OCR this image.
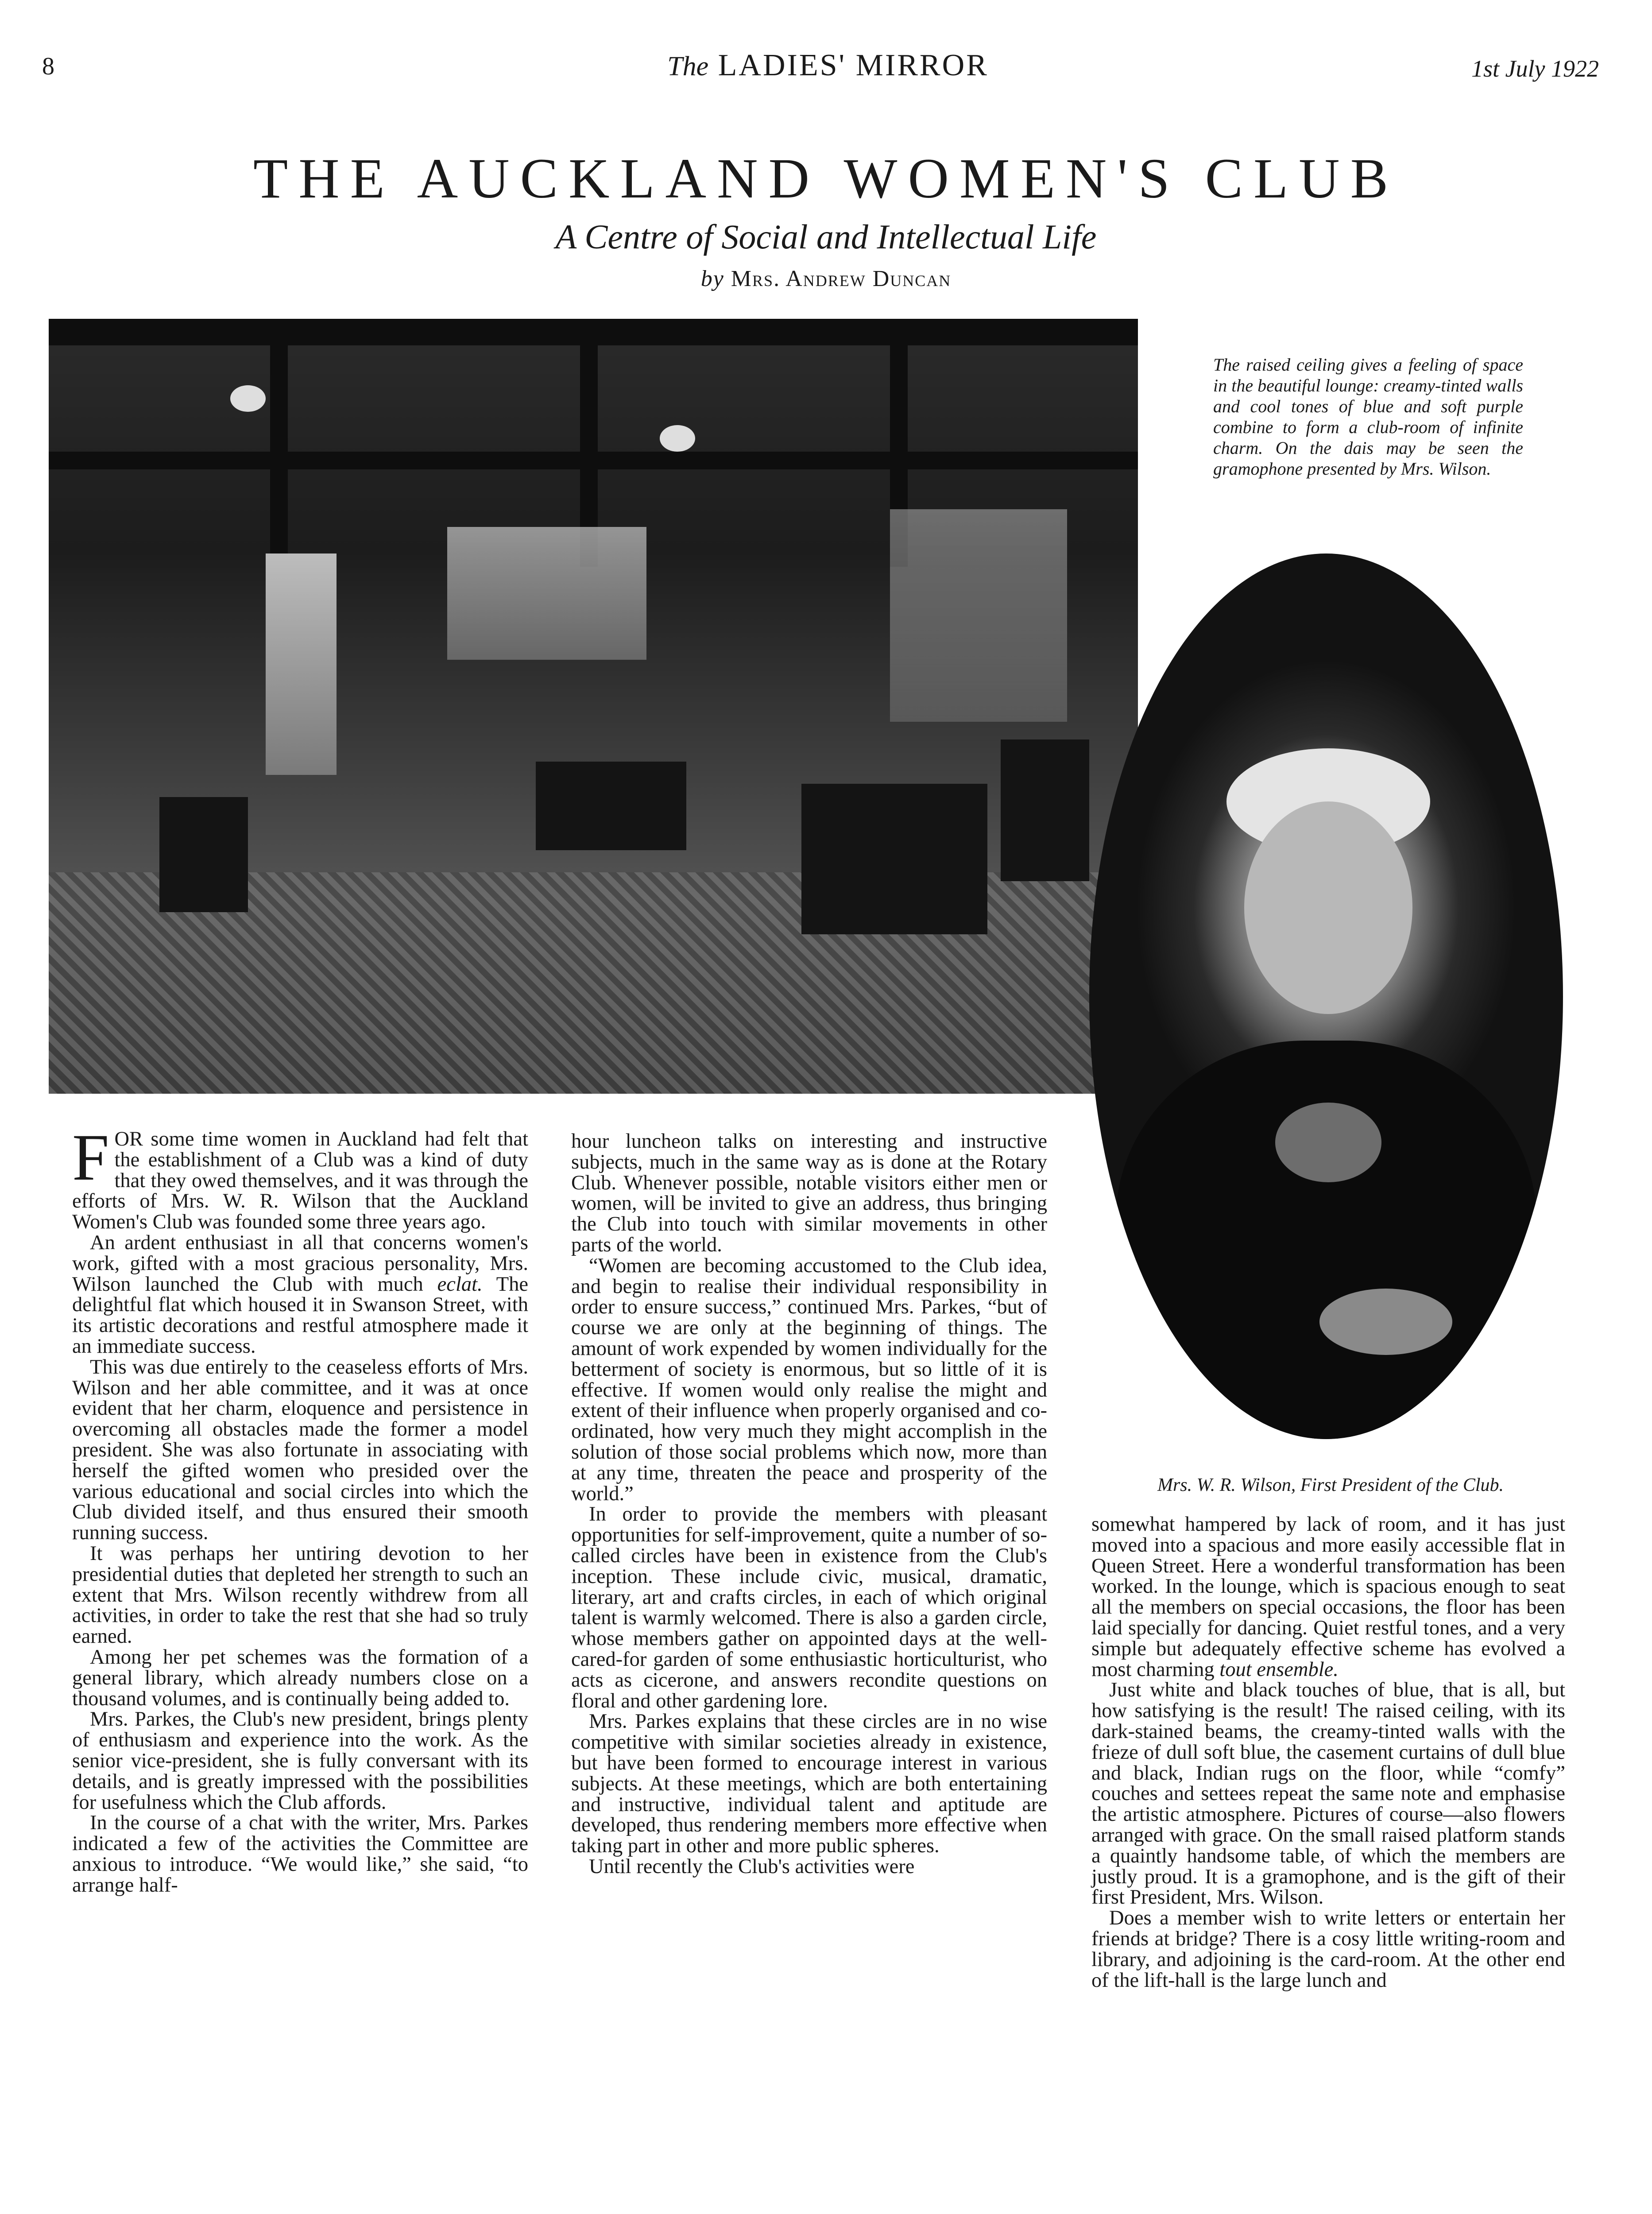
8	The LADIES' MIRROR	1st July 1922
THE AUCKLAND WOMEN'S CLUB
A Centre of Social and Intellectual Life
by Mrs. Andrew Duncan
The raised ceiling gives a feeling of space in the beautiful lounge: creamy-tinted walls and cool tones of blue and soft purple combine to form a club-room of infinite charm. On the dais may be seen the gramophone presented by Mrs. Wilson.
Mrs. W. R. Wilson, First President of the Club.

FOR some time women in Auckland had felt that the establishment of a Club was a kind of duty that they owed themselves, and it was through the efforts of Mrs. W. R. Wilson that the Auckland Women's Club was founded some three years ago.

An ardent enthusiast in all that concerns women's work, gifted with a most gracious personality, Mrs. Wilson launched the Club with much eclat. The delightful flat which housed it in Swanson Street, with its artistic decorations and restful atmosphere made it an immediate success.

This was due entirely to the ceaseless efforts of Mrs. Wilson and her able committee, and it was at once evident that her charm, eloquence and persistence in overcoming all obstacles made the former a model president. She was also fortunate in associating with herself the gifted women who presided over the various educational and social circles into which the Club divided itself, and thus ensured their smooth running success.

It was perhaps her untiring devotion to her presidential duties that depleted her strength to such an extent that Mrs. Wilson recently withdrew from all activities, in order to take the rest that she had so truly earned.

Among her pet schemes was the formation of a general library, which already numbers close on a thousand volumes, and is continually being added to.

Mrs. Parkes, the Club's new president, brings plenty of enthusiasm and experience into the work. As the senior vice-president, she is fully conversant with its details, and is greatly impressed with the possibilities for usefulness which the Club affords.

In the course of a chat with the writer, Mrs. Parkes indicated a few of the activities the Committee are anxious to introduce. “We would like,” she said, “to arrange half-

hour luncheon talks on interesting and instructive subjects, much in the same way as is done at the Rotary Club. Whenever possible, notable visitors either men or women, will be invited to give an address, thus bringing the Club into touch with similar movements in other parts of the world.

“Women are becoming accustomed to the Club idea, and begin to realise their individual responsibility in order to ensure success,” continued Mrs. Parkes, “but of course we are only at the beginning of things. The amount of work expended by women individually for the betterment of society is enormous, but so little of it is effective. If women would only realise the might and extent of their influence when properly organised and co-ordinated, how very much they might accomplish in the solution of those social problems which now, more than at any time, threaten the peace and prosperity of the world.”

In order to provide the members with pleasant opportunities for self-improvement, quite a number of so-called circles have been in existence from the Club's inception. These include civic, musical, dramatic, literary, art and crafts circles, in each of which original talent is warmly welcomed. There is also a garden circle, whose members gather on appointed days at the well-cared-for garden of some enthusiastic horticulturist, who acts as cicerone, and answers recondite questions on floral and other gardening lore.

Mrs. Parkes explains that these circles are in no wise competitive with similar societies already in existence, but have been formed to encourage interest in various subjects. At these meetings, which are both entertaining and instructive, individual talent and aptitude are developed, thus rendering members more effective when taking part in other and more public spheres.

Until recently the Club's activities were

somewhat hampered by lack of room, and it has just moved into a spacious and more easily accessible flat in Queen Street. Here a wonderful transformation has been worked. In the lounge, which is spacious enough to seat all the members on special occasions, the floor has been laid specially for dancing. Quiet restful tones, and a very simple but adequately effective scheme has evolved a most charming tout ensemble.

Just white and black touches of blue, that is all, but how satisfying is the result! The raised ceiling, with its dark-stained beams, the creamy-tinted walls with the frieze of dull soft blue, the casement curtains of dull blue and black, Indian rugs on the floor, while “comfy” couches and settees repeat the same note and emphasise the artistic atmosphere. Pictures of course—also flowers arranged with grace. On the small raised platform stands a quaintly handsome table, of which the members are justly proud. It is a gramophone, and is the gift of their first President, Mrs. Wilson.

Does a member wish to write letters or entertain her friends at bridge? There is a cosy little writing-room and library, and adjoining is the card-room. At the other end of the lift-hall is the large lunch and
